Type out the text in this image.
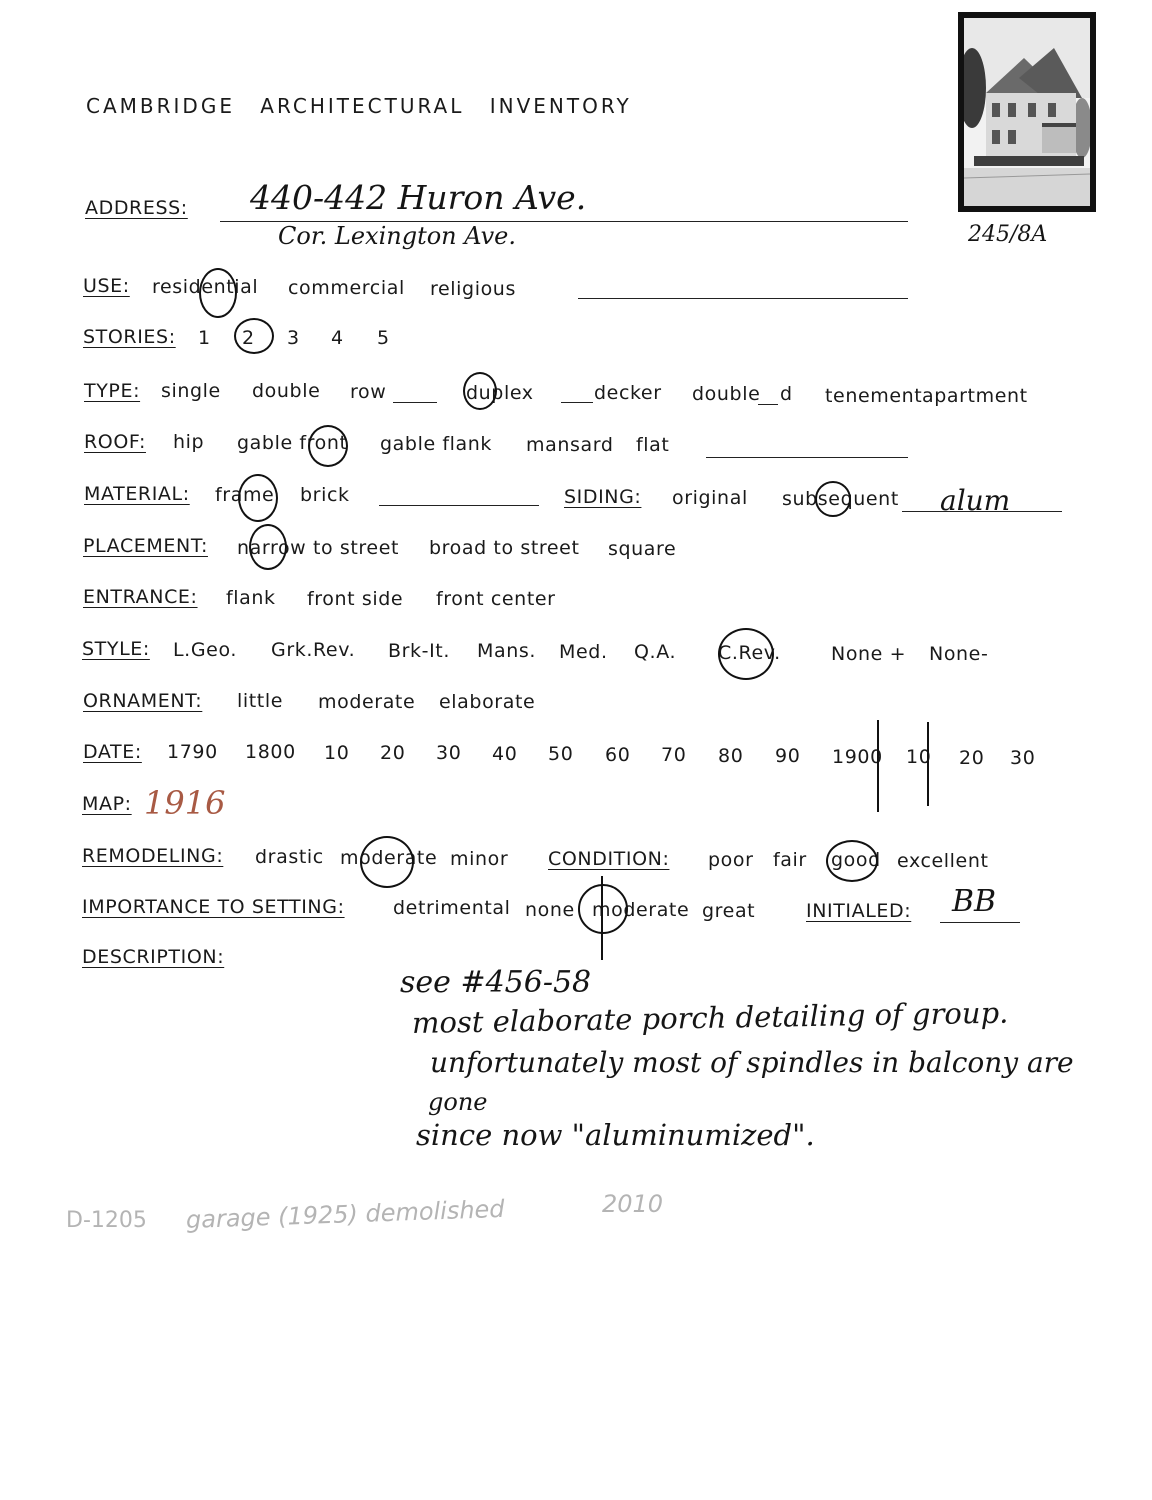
CAMBRIDGE ARCHITECTURAL INVENTORY
245/8A
ADDRESS: 440-442 Huron Ave.
Cor. Lexington Ave.
USE: residential commercial religious
STORIES: 1 2 3 4 5
TYPE: single double row	duplex	decker double d tenement apartment
ROOF: hip gable front gable flank mansard flat
MATERIAL: frame brick	SIDING: original subsequent alum
PLACEMENT: narrow to street broad to street square
ENTRANCE: flank front side front center
STYLE: L.Geo. Grk.Rev. Brk-It. Mans. Med. Q.A. C.Rev.	None + None-
ORNAMENT: little moderate elaborate
DATE: 1790 1800 10 20 30 40 50 60 70 80 90 1900 10 20 30
MAP: 1916
REMODELING: drastic moderate minor CONDITION: poor fair good excellent
IMPORTANCE TO SETTING:	detrimental none moderate great	INITIALED: BB
DESCRIPTION:
see #456-58
most elaborate porch detailing of group.
unfortunately most of spindles in balcony are
gone
since now "aluminumized".
D-1205 garage (1925) demolished	2010
